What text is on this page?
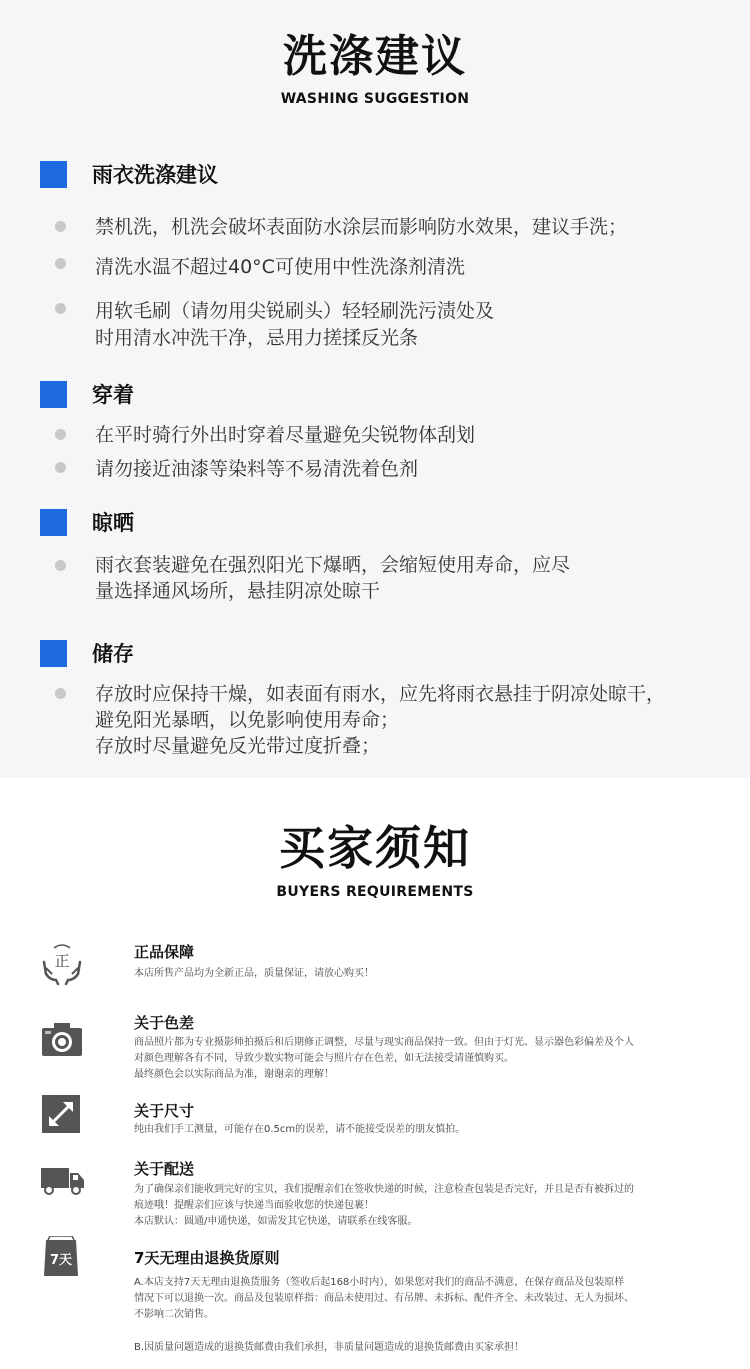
洗涤建议
WASHING SUGGESTION
雨衣洗涤建议
禁机洗，机洗会破坏表面防水涂层而影响防水效果，建议手洗；
清洗水温不超过40°C可使用中性洗涤剂清洗
用软毛刷（请勿用尖锐刷头）轻轻刷洗污渍处及
时用清水冲洗干净，忌用力搓揉反光条
穿着
在平时骑行外出时穿着尽量避免尖锐物体刮划
请勿接近油漆等染料等不易清洗着色剂
晾晒
雨衣套装避免在强烈阳光下爆晒，会缩短使用寿命，应尽
量选择通风场所，悬挂阴凉处晾干
储存
存放时应保持干燥，如表面有雨水，应先将雨衣悬挂于阴凉处晾干，
避免阳光暴晒，以免影响使用寿命；
存放时尽量避免反光带过度折叠；
买家须知
BUYERS REQUIREMENTS
正	正品保障
本店所售产品均为全新正品，质量保证，请放心购买！
关于色差
商品照片都为专业摄影师拍摄后和后期修正调整，尽量与现实商品保持一致。但由于灯光、显示器色彩偏差及个人
对颜色理解各有不同，导致少数实物可能会与照片存在色差，如无法接受请谨慎购买。
最终颜色会以实际商品为准，谢谢亲的理解！
关于尺寸
纯由我们手工测量，可能存在0.5cm的误差，请不能接受误差的朋友慎拍。
关于配送
为了确保亲们能收到完好的宝贝，我们提醒亲们在签收快递的时候，注意检查包装是否完好，并且是否有被拆过的
痕迹哦！提醒亲们应该与快递当面验收您的快递包裹！
本店默认：圆通/申通快递，如需发其它快递，请联系在线客服。
7天	7天无理由退换货原则
A.本店支持7天无理由退换货服务（签收后起168小时内），如果您对我们的商品不满意，在保存商品及包装原样
情况下可以退换一次。商品及包装原样指：商品未使用过、有吊牌、未拆标、配件齐全、未改装过、无人为损坏、
不影响二次销售。
B.因质量问题造成的退换货邮费由我们承担，非质量问题造成的退换货邮费由买家承担！
